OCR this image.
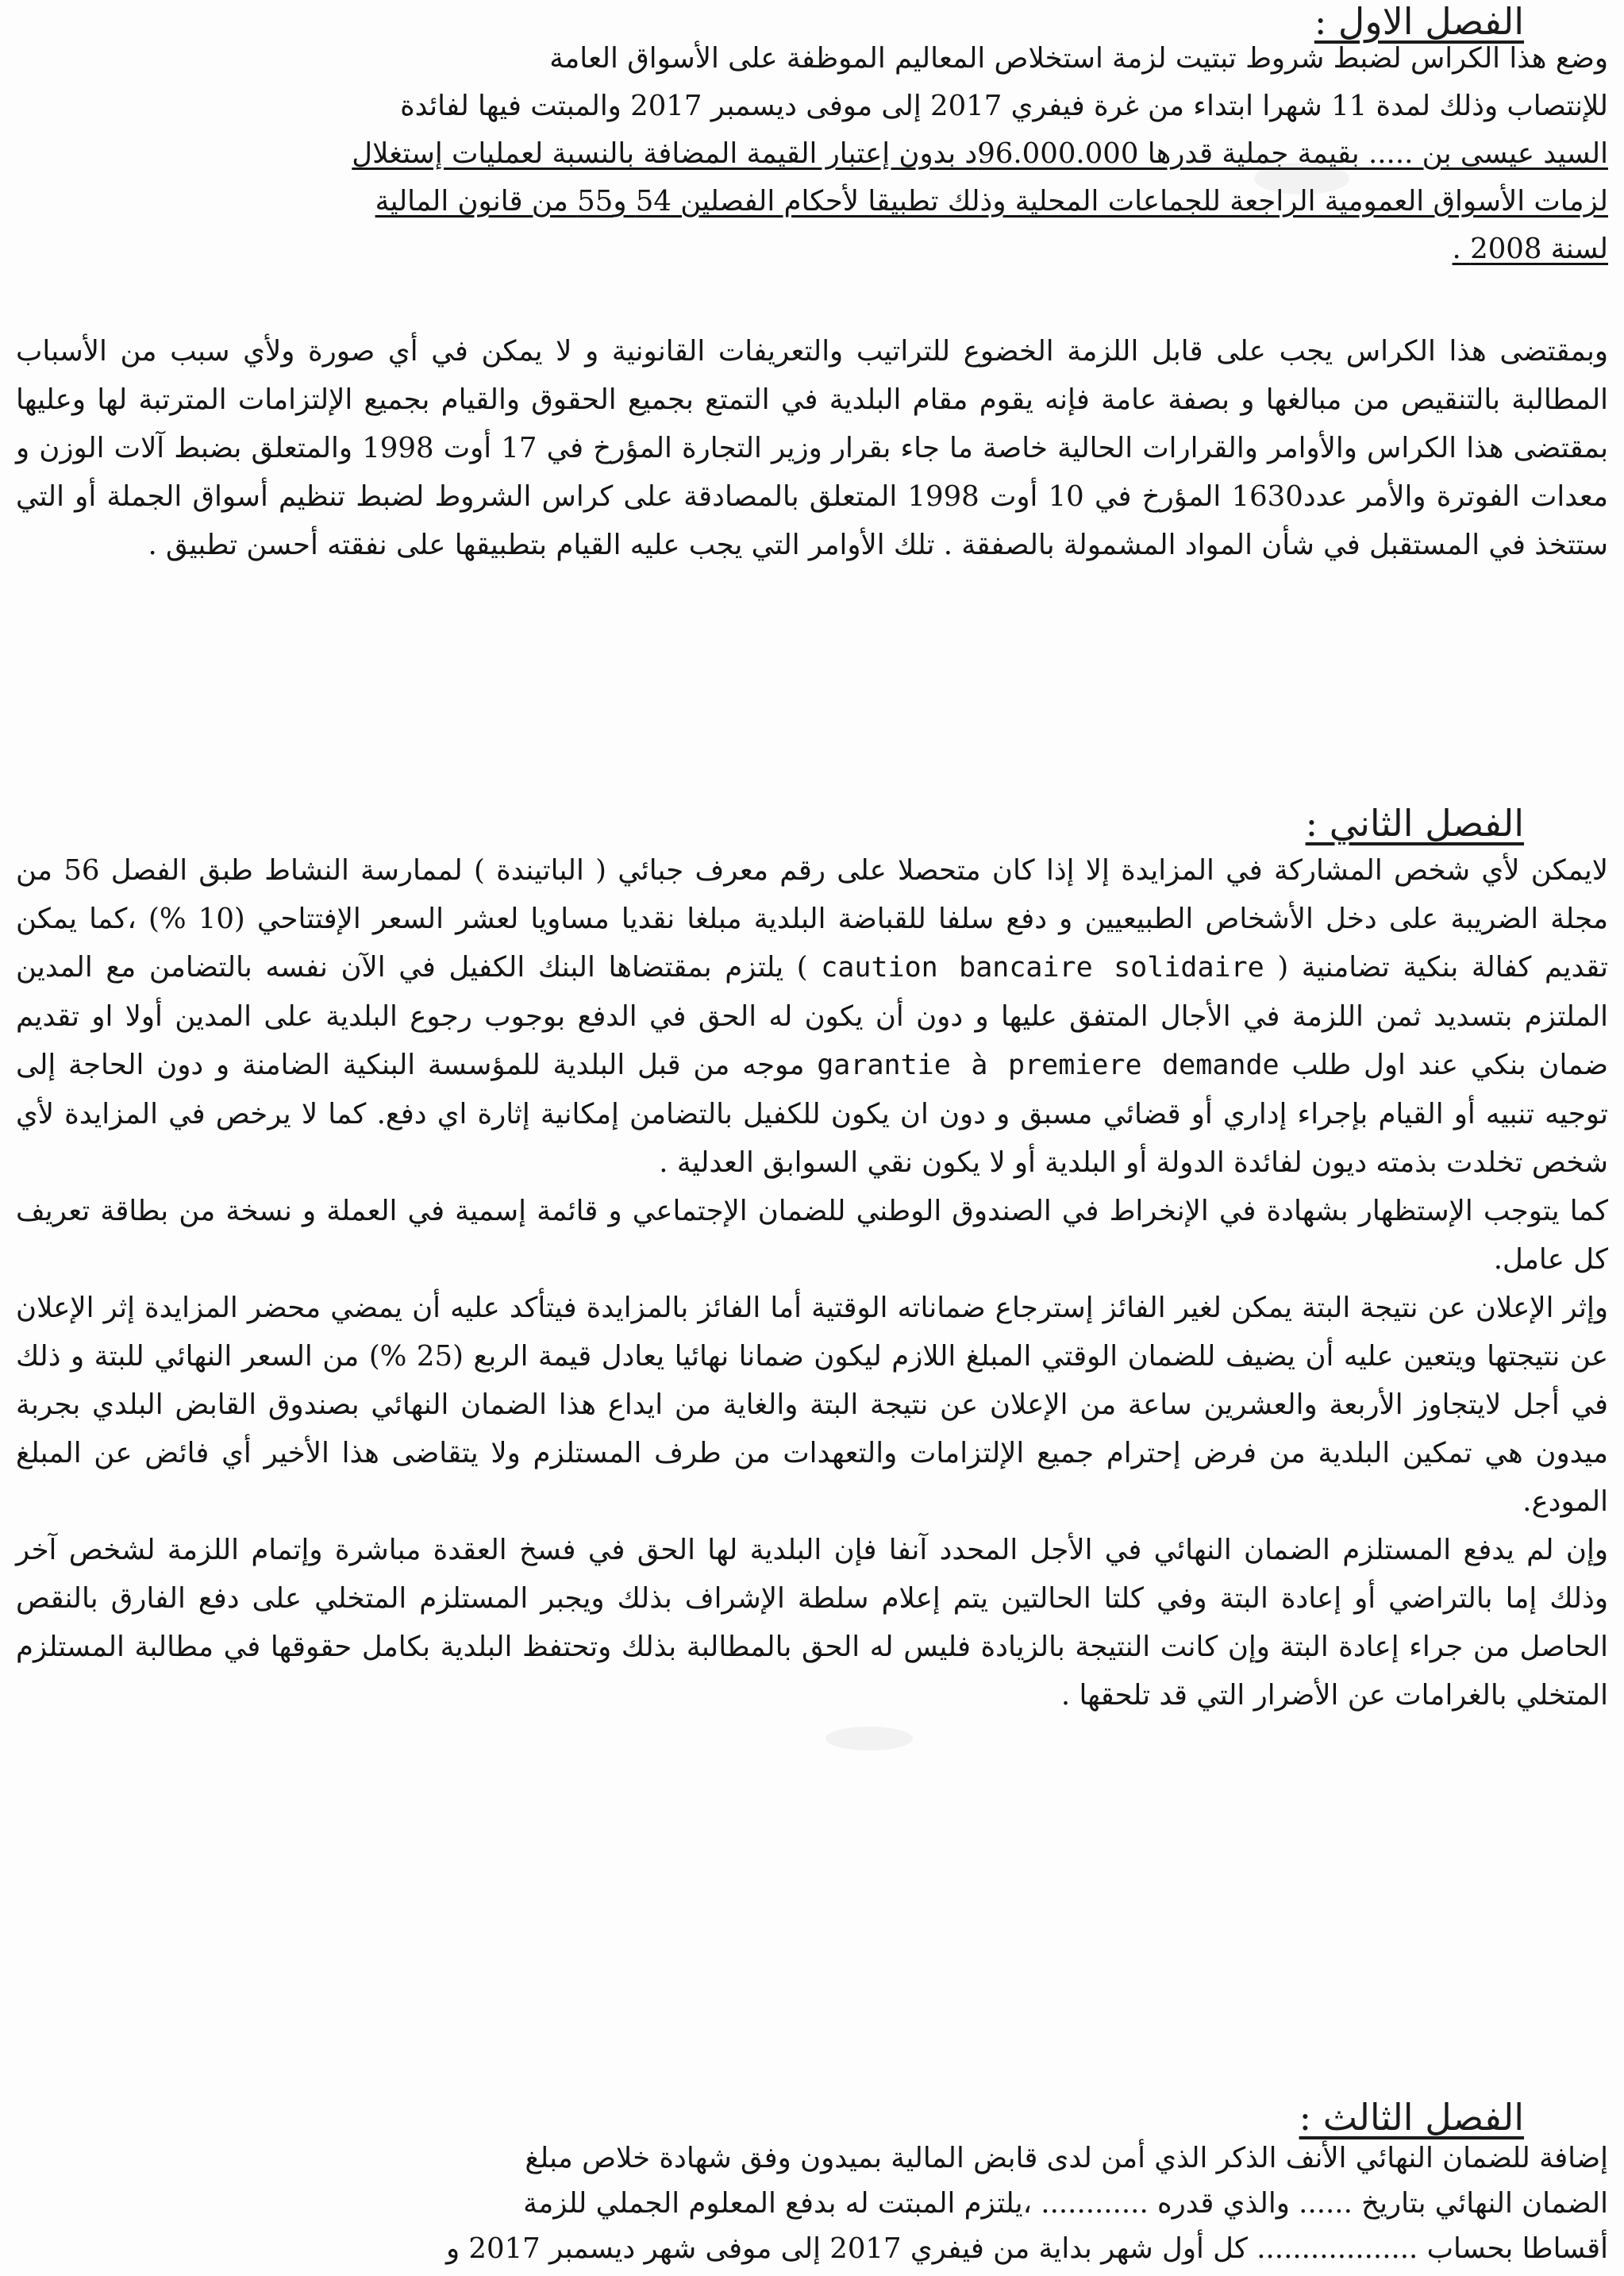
الفصل الاول :
وضع هذا الكراس لضبط شروط تبتيت لزمة استخلاص المعاليم الموظفة على الأسواق العامة
للإنتصاب وذلك لمدة 11 شهرا ابتداء من غرة فيفري 2017 إلى موفى ديسمبر 2017 والمبتت فيها لفائدة
السيد عيسى بن ..... بقيمة جملية قدرها 96.000.000د بدون إعتبار القيمة المضافة بالنسبة لعمليات إستغلال
لزمات الأسواق العمومية الراجعة للجماعات المحلية وذلك تطبيقا لأحكام الفصلين 54 و55 من قانون المالية
لسنة 2008 .

وبمقتضى هذا الكراس يجب على قابل اللزمة الخضوع للتراتيب والتعريفات القانونية و لا يمكن في أي صورة ولأي سبب من الأسباب المطالبة بالتنقيص من مبالغها و بصفة عامة فإنه يقوم مقام البلدية في التمتع بجميع الحقوق والقيام بجميع الإلتزامات المترتبة لها وعليها بمقتضى هذا الكراس والأوامر والقرارات الحالية خاصة ما جاء بقرار وزير التجارة المؤرخ في 17 أوت 1998 والمتعلق بضبط آلات الوزن و معدات الفوترة والأمر عدد1630 المؤرخ في 10 أوت 1998 المتعلق بالمصادقة على كراس الشروط لضبط تنظيم أسواق الجملة أو التي ستتخذ في المستقبل في شأن المواد المشمولة بالصفقة . تلك الأوامر التي يجب عليه القيام بتطبيقها على نفقته أحسن تطبيق .

الفصل الثاني :

لايمكن لأي شخص المشاركة في المزايدة إلا إذا كان متحصلا على رقم معرف جبائي ( الباتيندة ) لممارسة النشاط طبق الفصل 56 من مجلة الضريبة على دخل الأشخاص الطبيعيين و دفع سلفا للقباضة البلدية مبلغا نقديا مساويا لعشر السعر الإفتتاحي (10 %) ،كما يمكن تقديم كفالة بنكية تضامنية ( caution bancaire solidaire ) يلتزم بمقتضاها البنك الكفيل في الآن نفسه بالتضامن مع المدين الملتزم بتسديد ثمن اللزمة في الأجال المتفق عليها و دون أن يكون له الحق في الدفع بوجوب رجوع البلدية على المدين أولا او تقديم ضمان بنكي عند اول طلب garantie à premiere demande موجه من قبل البلدية للمؤسسة البنكية الضامنة و دون الحاجة إلى توجيه تنبيه أو القيام بإجراء إداري أو قضائي مسبق و دون ان يكون للكفيل بالتضامن إمكانية إثارة اي دفع. كما لا يرخص في المزايدة لأي شخص تخلدت بذمته ديون لفائدة الدولة أو البلدية أو لا يكون نقي السوابق العدلية .

كما يتوجب الإستظهار بشهادة في الإنخراط في الصندوق الوطني للضمان الإجتماعي و قائمة إسمية في العملة و نسخة من بطاقة تعريف كل عامل.

وإثر الإعلان عن نتيجة البتة يمكن لغير الفائز إسترجاع ضماناته الوقتية أما الفائز بالمزايدة فيتأكد عليه أن يمضي محضر المزايدة إثر الإعلان عن نتيجتها ويتعين عليه أن يضيف للضمان الوقتي المبلغ اللازم ليكون ضمانا نهائيا يعادل قيمة الربع (25 %) من السعر النهائي للبتة و ذلك في أجل لايتجاوز الأربعة والعشرين ساعة من الإعلان عن نتيجة البتة والغاية من ايداع هذا الضمان النهائي بصندوق القابض البلدي بجربة ميدون هي تمكين البلدية من فرض إحترام جميع الإلتزامات والتعهدات من طرف المستلزم ولا يتقاضى هذا الأخير أي فائض عن المبلغ المودع.

وإن لم يدفع المستلزم الضمان النهائي في الأجل المحدد آنفا فإن البلدية لها الحق في فسخ العقدة مباشرة وإتمام اللزمة لشخص آخر وذلك إما بالتراضي أو إعادة البتة وفي كلتا الحالتين يتم إعلام سلطة الإشراف بذلك ويجبر المستلزم المتخلي على دفع الفارق بالنقص الحاصل من جراء إعادة البتة وإن كانت النتيجة بالزيادة فليس له الحق بالمطالبة بذلك وتحتفظ البلدية بكامل حقوقها في مطالبة المستلزم المتخلي بالغرامات عن الأضرار التي قد تلحقها .

الفصل الثالث :
إضافة للضمان النهائي الأنف الذكر الذي أمن لدى قابض المالية بميدون وفق شهادة خلاص مبلغ
الضمان النهائي بتاريخ ...... والذي قدره ............ ،يلتزم المبتت له بدفع المعلوم الجملي للزمة
أقساطا بحساب .................. كل أول شهر بداية من فيفري 2017 إلى موفى شهر ديسمبر 2017 و
